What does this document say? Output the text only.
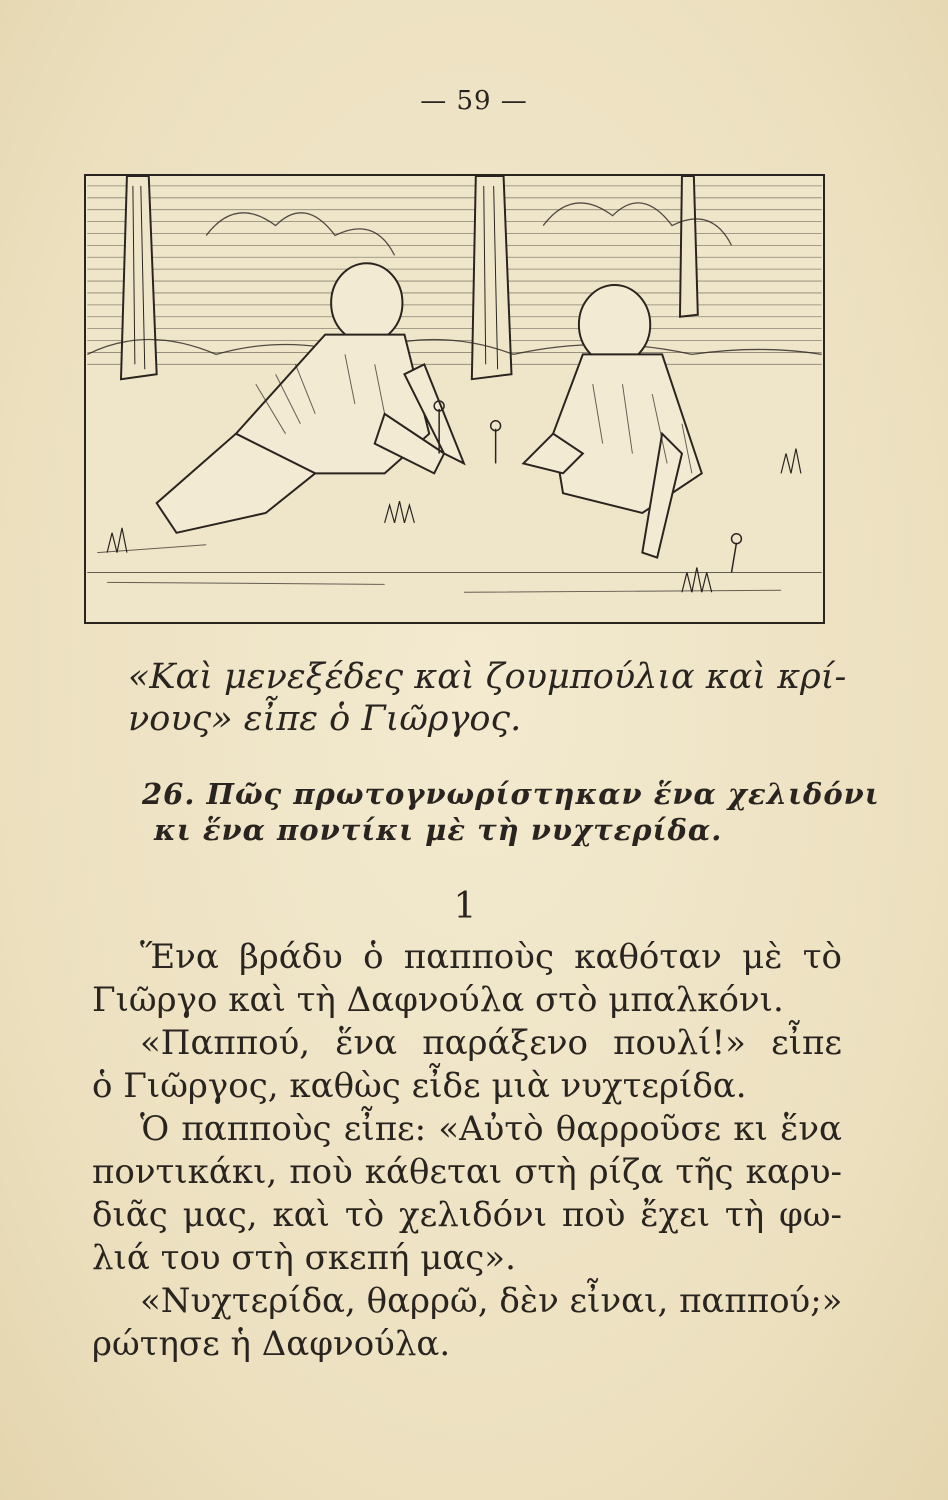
— 59 —
«Καὶ μενεξέδες καὶ ζουμπούλια καὶ κρί-
νους» εἶπε ὁ Γιῶργος.
26. Πῶς πρωτογνωρίστηκαν ἕνα χελιδόνι
κι ἕνα ποντίκι μὲ τὴ νυχτερίδα.
1
Ἕνα βράδυ ὁ παπποὺς καθόταν μὲ τὸ
Γιῶργο καὶ τὴ Δαφνούλα στὸ μπαλκόνι.
«Παππού, ἕνα παράξενο πουλί!» εἶπε
ὁ Γιῶργος, καθὼς εἶδε μιὰ νυχτερίδα.
Ὁ παπποὺς εἶπε: «Αὐτὸ θαρροῦσε κι ἕνα
ποντικάκι, ποὺ κάθεται στὴ ρίζα τῆς καρυ-
διᾶς μας, καὶ τὸ χελιδόνι ποὺ ἔχει τὴ φω-
λιά του στὴ σκεπή μας».
«Νυχτερίδα, θαρρῶ, δὲν εἶναι, παππού;»
ρώτησε ἡ Δαφνούλα.
